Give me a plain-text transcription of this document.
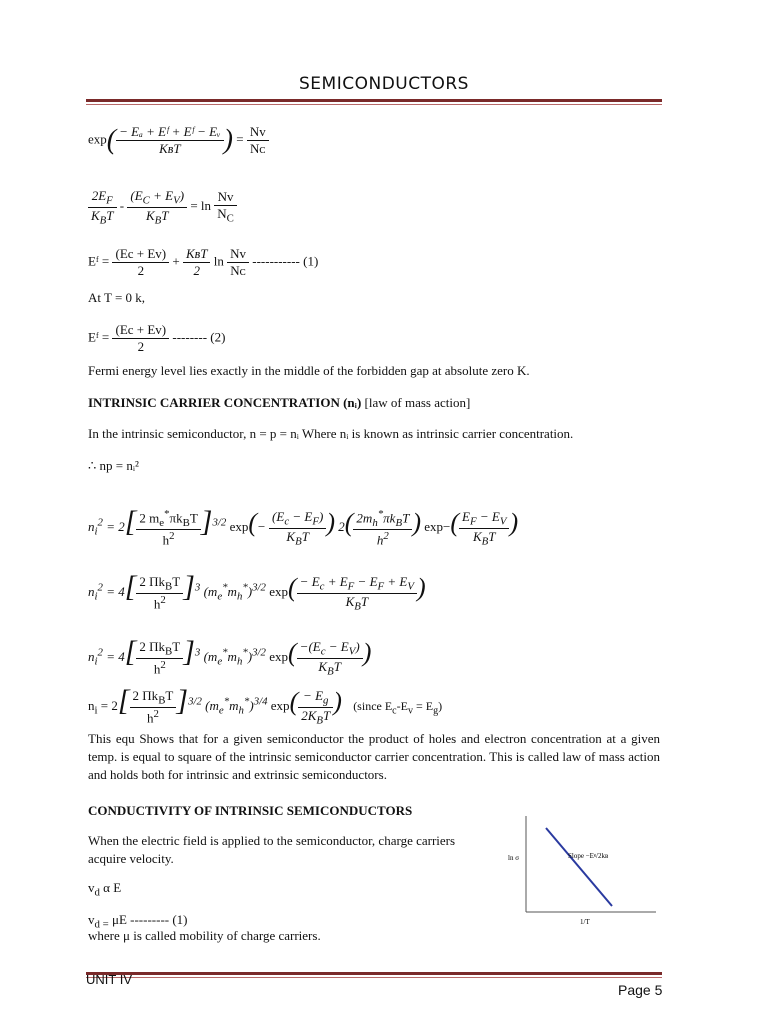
SEMICONDUCTORS
$\exp( \frac{\text{− Eₐ + Eᶠ + Eᶠ − Eᵥ}}{\text{KʙT}}$ ) = $\frac{Nv}{\text{Nᴄ}}$
$\frac{2E_F}{K_BT} - \frac{(E_C + E_V)}{K_BT} = \ln \frac{Nv}{N_C}$
Eᶠ = $\frac{(Ec + Ev)}{2} + \frac{\text{KʙT}}{2}$ $\ln \frac{Nv}{\text{Nᴄ}}$ ----------- (1)
At T = 0 k,
Eᶠ = $\frac{(Ec + Ev)}{2}$ -------- (2)
Fermi energy level lies exactly in the middle of the forbidden gap at absolute zero K.
INTRINSIC CARRIER CONCENTRATION (nᵢ) [law of mass action]
In the intrinsic semiconductor, n = p = nᵢ Where nᵢ is known as intrinsic carrier concentration.
∴ np = nᵢ²
$n_i^2 = 2[ \frac{2 m_e^*\pi k_BT}{h^2} ]^{3/2}$ $\exp(- \frac{(E_c - E_F)}{K_BT}$ ) $2( \frac{2m_h^*\pi k_BT}{h^2}$ ) $\exp-( \frac{E_F - E_V}{K_BT}$ )
$n_i^2 = 4[ \frac{2 \Pi k_BT}{h^2} ]^3$ $(m_e^*m_h^*)^{3/2}$ $\exp( \frac{- E_c + E_F - E_F + E_V}{K_BT}$ )
$n_i^2 = 4[ \frac{2 \Pi k_BT}{h^2} ]^3$ $(m_e^*m_h^*)^{3/2}$ $\exp( \frac{-(E_c - E_V)}{K_BT}$ )
$n_i = 2[ \frac{2 \Pi k_BT}{h^2} ]^{3/2}$ $(m_e^*m_h^*)^{3/4}$ $\exp( \frac{- E_g}{2K_BT}$ ) (since $E_c-E_v = E_g$)
This equ Shows that for a given semiconductor the product of holes and electron concentration at a given temp. is equal to square of the intrinsic semiconductor carrier concentration. This is called law of mass action and holds both for intrinsic and extrinsic semiconductors.
CONDUCTIVITY OF INTRINSIC SEMICONDUCTORS
When the electric field is applied to the semiconductor, charge carriers acquire velocity.
$v_d$ α E
$v_{d =}$ μE --------- (1)
where μ is called mobility of charge carriers.
ln σ	Slope −Eᵍ/2kʙ
1/T
UNIT IV
Page 5
